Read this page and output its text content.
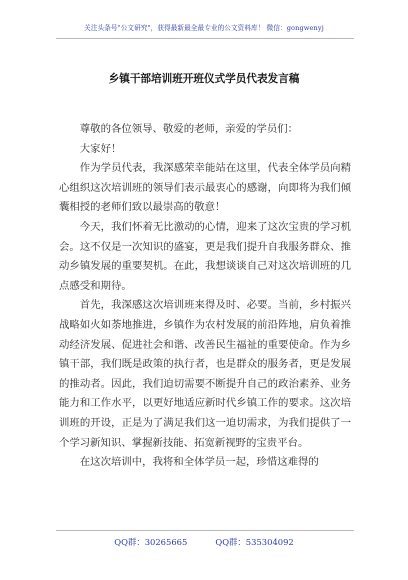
关注头条号"公文研究"，获得最新最全最专业的公文资料库！ 微信：gongwenyj
乡镇干部培训班开班仪式学员代表发言稿

尊敬的各位领导、敬爱的老师，亲爱的学员们：

大家好！

作为学员代表，我深感荣幸能站在这里，代表全体学员向精心组织这次培训班的领导们表示最衷心的感谢，向即将为我们倾囊相授的老师们致以最崇高的敬意！

今天，我们怀着无比激动的心情，迎来了这次宝贵的学习机会。这不仅是一次知识的盛宴，更是我们提升自我服务群众、推动乡镇发展的重要契机。在此，我想谈谈自己对这次培训班的几点感受和期待。

首先，我深感这次培训班来得及时、必要。当前，乡村振兴战略如火如荼地推进，乡镇作为农村发展的前沿阵地，肩负着推动经济发展、促进社会和谐、改善民生福祉的重要使命。作为乡镇干部，我们既是政策的执行者，也是群众的服务者，更是发展的推动者。因此，我们迫切需要不断提升自己的政治素养、业务能力和工作水平，以更好地适应新时代乡镇工作的要求。这次培训班的开设，正是为了满足我们这一迫切需求，为我们提供了一个学习新知识、掌握新技能、拓宽新视野的宝贵平台。

在这次培训中，我将和全体学员一起，珍惜这难得的

QQ群：30265665	QQ群：535304092
